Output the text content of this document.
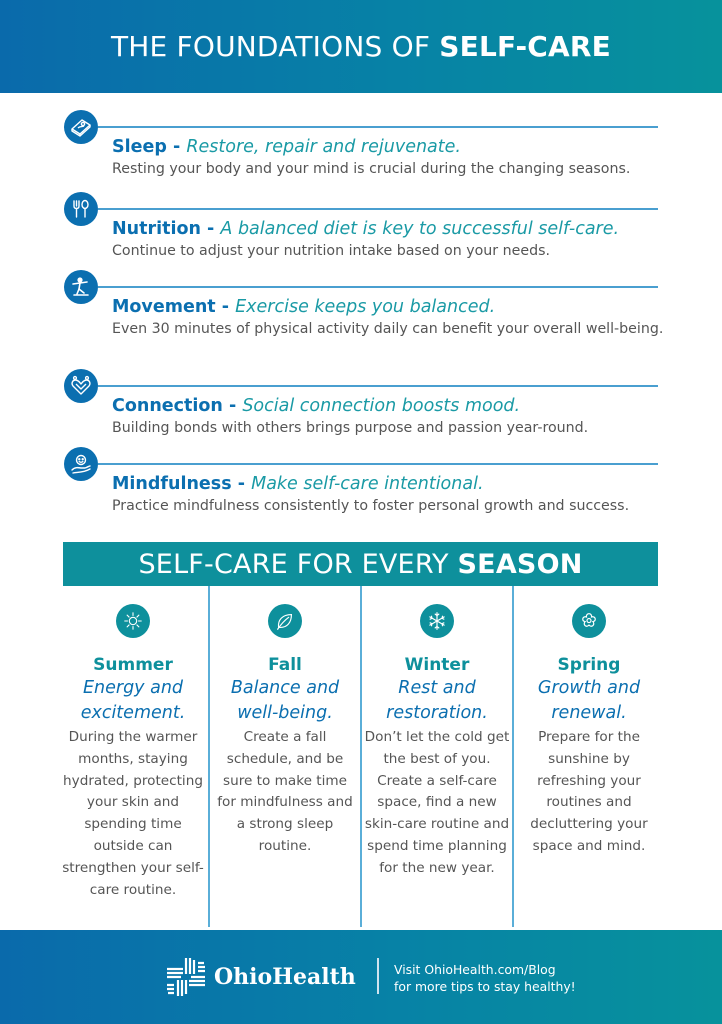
THE FOUNDATIONS OF SELF-CARE
Sleep - Restore, repair and rejuvenate.
Resting your body and your mind is crucial during the changing seasons.
Nutrition - A balanced diet is key to successful self-care.
Continue to adjust your nutrition intake based on your needs.
Movement - Exercise keeps you balanced.
Even 30 minutes of physical activity daily can benefit your overall well-being.
Connection - Social connection boosts mood.
Building bonds with others brings purpose and passion year-round.
Mindfulness - Make self-care intentional.
Practice mindfulness consistently to foster personal growth and success.
SELF-CARE FOR EVERY SEASON
Summer
Energy and excitement.
During the warmer months, staying hydrated, protecting your skin and spending time outside can strengthen your self-care routine.
Fall
Balance and well-being.
Create a fall schedule, and be sure to make time for mindfulness and a strong sleep routine.
Winter
Rest and restoration.
Don’t let the cold get the best of you. Create a self-care space, find a new skin-care routine and spend time planning for the new year.
Spring
Growth and renewal.
Prepare for the sunshine by refreshing your routines and decluttering your space and mind.
OhioHealth	Visit OhioHealth.com/Blog
for more tips to stay healthy!
